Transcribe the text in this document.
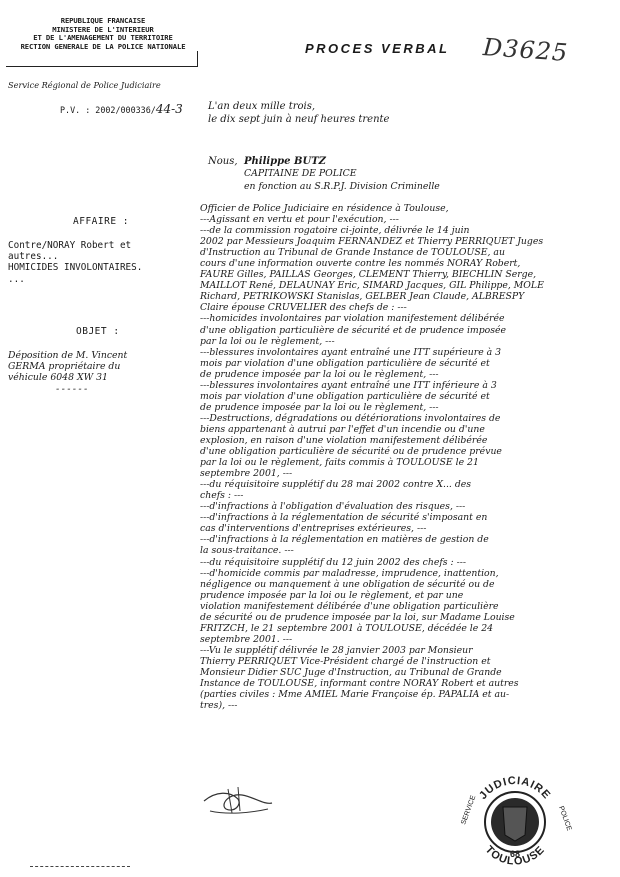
REPUBLIQUE FRANCAISE
MINISTERE DE L'INTERIEUR
ET DE L'AMENAGEMENT DU TERRITOIRE
RECTION GENERALE DE LA POLICE NATIONALE
Service Régional de Police Judiciaire
P.V. : 2002/000336/44-3
PROCES VERBAL D3625
L'an deux mille trois,
le dix sept juin à neuf heures trente
Nous, Philippe BUTZ
CAPITAINE DE POLICE
en fonction au S.R.P.J. Division Criminelle
AFFAIRE :
Contre/NORAY Robert et
autres...
HOMICIDES INVOLONTAIRES.
...
OBJET :
Déposition de M. Vincent
GERMA propriétaire du
véhicule 6048 XW 31
------
Officier de Police Judiciaire en résidence à Toulouse,
---Agissant en vertu et pour l'exécution, ---
---de la commission rogatoire ci-jointe, délivrée le 14 juin
2002 par Messieurs Joaquim FERNANDEZ et Thierry PERRIQUET Juges
d'Instruction au Tribunal de Grande Instance de TOULOUSE, au
cours d'une information ouverte contre les nommés NORAY Robert,
FAURE Gilles, PAILLAS Georges, CLEMENT Thierry, BIECHLIN Serge,
MAILLOT René, DELAUNAY Eric, SIMARD Jacques, GIL Philippe, MOLE
Richard, PETRIKOWSKI Stanislas, GELBER Jean Claude, ALBRESPY
Claire épouse CRUVELIER des chefs de : ---
---homicides involontaires par violation manifestement délibérée
d'une obligation particulière de sécurité et de prudence imposée
par la loi ou le règlement, ---
---blessures involontaires ayant entraîné une ITT supérieure à 3
mois par violation d'une obligation particulière de sécurité et
de prudence imposée par la loi ou le règlement, ---
---blessures involontaires ayant entraîné une ITT inférieure à 3
mois par violation d'une obligation particulière de sécurité et
de prudence imposée par la loi ou le règlement, ---
---Destructions, dégradations ou détériorations involontaires de
biens appartenant à autrui par l'effet d'un incendie ou d'une
explosion, en raison d'une violation manifestement délibérée
d'une obligation particulière de sécurité ou de prudence prévue
par la loi ou le règlement, faits commis à TOULOUSE le 21
septembre 2001, ---
---du réquisitoire supplétif du 28 mai 2002 contre X... des
chefs : ---
---d'infractions à l'obligation d'évaluation des risques, ---
---d'infractions à la réglementation de sécurité s'imposant en
cas d'interventions d'entreprises extérieures, ---
---d'infractions à la réglementation en matières de gestion de
la sous-traitance. ---
---du réquisitoire supplétif du 12 juin 2002 des chefs : ---
---d'homicide commis par maladresse, imprudence, inattention,
négligence ou manquement à une obligation de sécurité ou de
prudence imposée par la loi ou le règlement, et par une
violation manifestement délibérée d'une obligation particulière
de sécurité ou de prudence imposée par la loi, sur Madame Louise
FRITZCH, le 21 septembre 2001 à TOULOUSE, décédée le 24
septembre 2001. ---
---Vu le supplétif délivrée le 28 janvier 2003 par Monsieur
Thierry PERRIQUET Vice-Président chargé de l'instruction et
Monsieur Didier SUC Juge d'Instruction, au Tribunal de Grande
Instance de TOULOUSE, informant contre NORAY Robert et autres
(parties civiles : Mme AMIEL Marie Françoise ép. PAPALIA et au-
tres), ---
JUDICIAIRE
SERVICE	POLICE
68
TOULOUSE
